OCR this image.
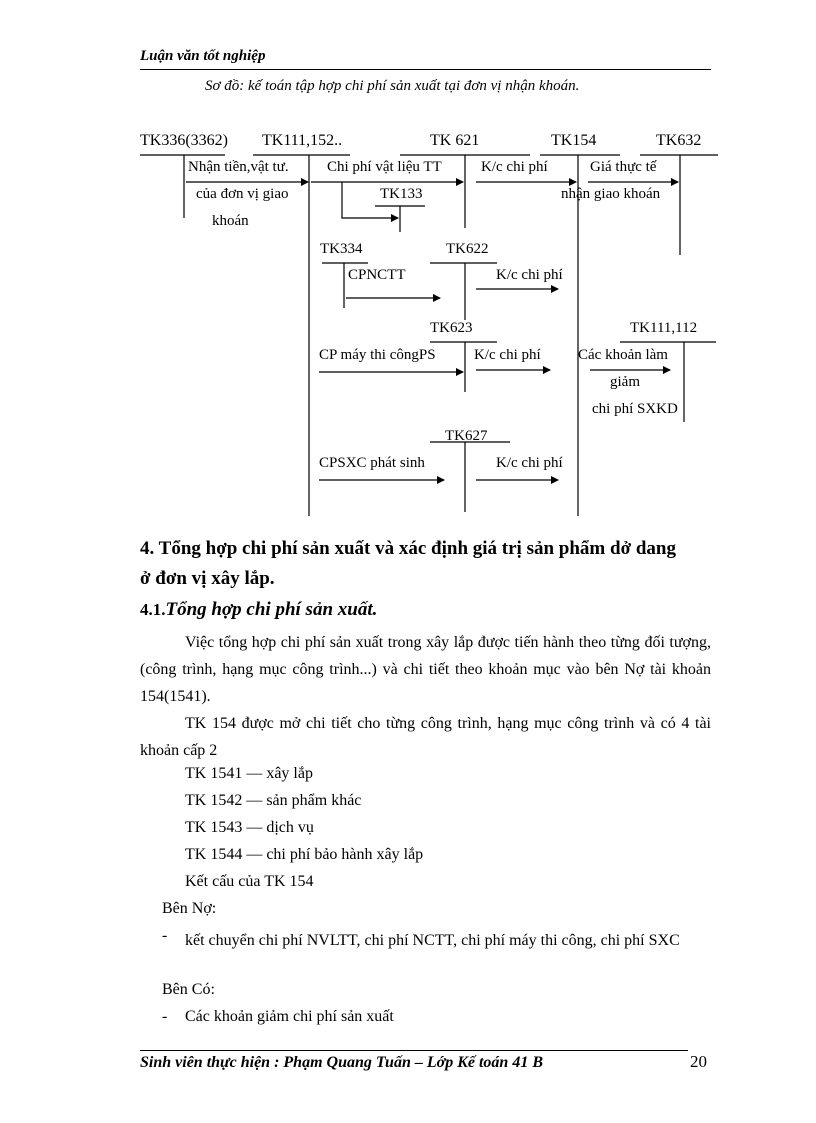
Luận văn tốt nghiệp
Sơ đồ: kế toán tập hợp chi phí sản xuất tại đơn vị nhận khoán.
TK336(3362) TK111,152..	TK 621	TK154	TK632
TK133
TK334	TK622
TK623	TK111,112
TK627
Nhận tiền,vật tư.
của đơn vị giao
khoán
Chi phí vật liệu TT	K/c chi phí	Giá thực tế
nhận giao khoán
CPNCTT	K/c chi phí
CP máy thi côngPS	K/c chi phí Các khoản làm
giảm
chi phí SXKD
CPSXC phát sinh	K/c chi phí
4. Tổng hợp chi phí sản xuất và xác định giá trị sản phẩm dở dang
ở đơn vị xây lắp.
4.1.Tổng hợp chi phí sản xuất.
Việc tổng hợp chi phí sản xuất trong xây lắp được tiến hành theo từng đối tượng, (công trình, hạng mục công trình...) và chi tiết theo khoản mục vào bên Nợ tài khoản 154(1541).
TK 154 được mở chi tiết cho từng công trình, hạng mục công trình và có 4 tài khoản cấp 2
TK 1541 — xây lắp
TK 1542 — sản phẩm khác
TK 1543 — dịch vụ
TK 1544 — chi phí bảo hành xây lắp
Kết cấu của TK 154
Bên Nợ:
- kết chuyển chi phí NVLTT, chi phí NCTT, chi phí máy thi công, chi phí SXC
Bên Có:
- Các khoản giảm chi phí sản xuất
Sinh viên thực hiện : Phạm Quang Tuấn – Lớp Kế toán 41 B	20
